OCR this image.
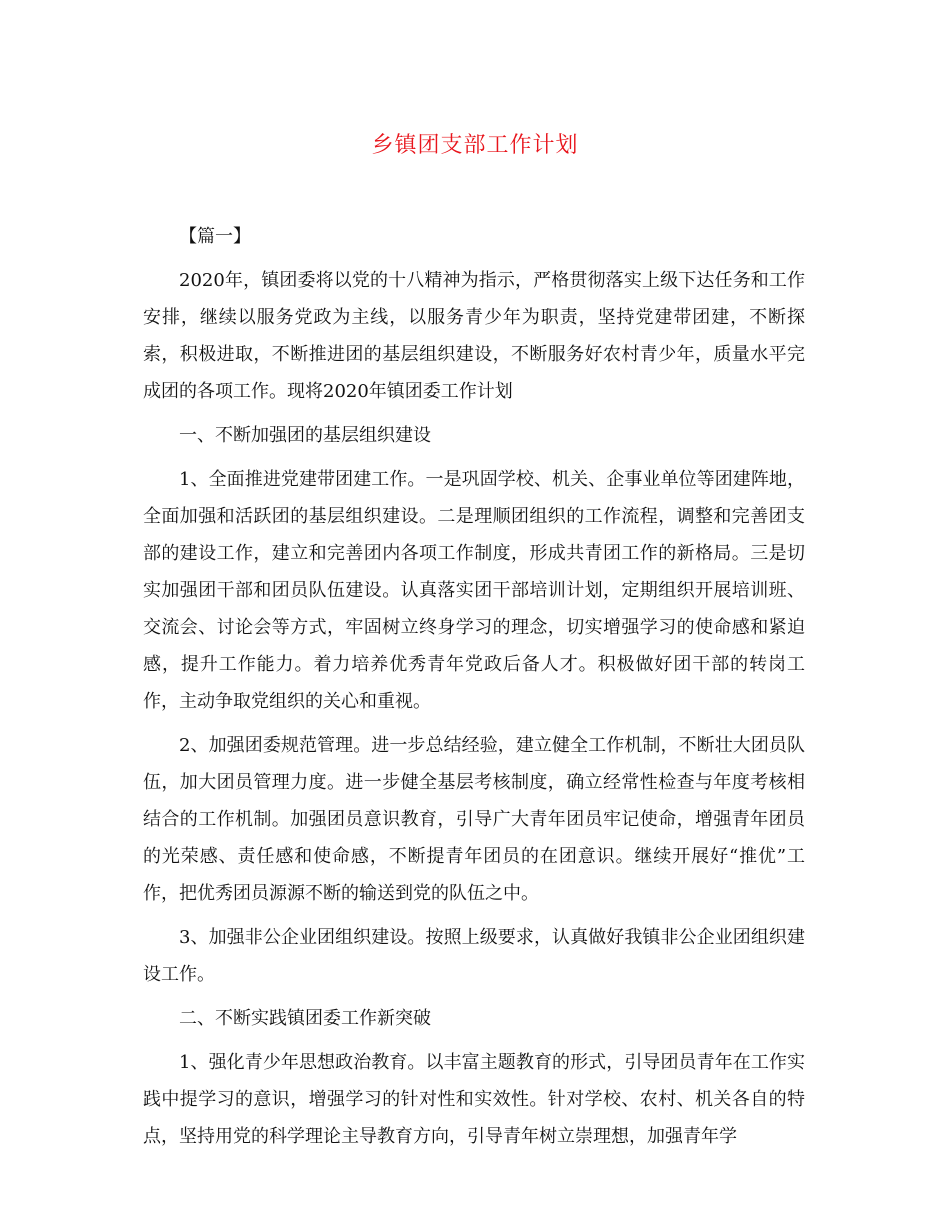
乡镇团支部工作计划

【篇一】

2020年，镇团委将以党的十八精神为指示，严格贯彻落实上级下达任务和工作安排，继续以服务党政为主线，以服务青少年为职责，坚持党建带团建，不断探索，积极进取，不断推进团的基层组织建设，不断服务好农村青少年，质量水平完成团的各项工作。现将2020年镇团委工作计划

一、不断加强团的基层组织建设

1、全面推进党建带团建工作。一是巩固学校、机关、企事业单位等团建阵地，全面加强和活跃团的基层组织建设。二是理顺团组织的工作流程，调整和完善团支部的建设工作，建立和完善团内各项工作制度，形成共青团工作的新格局。三是切实加强团干部和团员队伍建设。认真落实团干部培训计划，定期组织开展培训班、交流会、讨论会等方式，牢固树立终身学习的理念，切实增强学习的使命感和紧迫感，提升工作能力。着力培养优秀青年党政后备人才。积极做好团干部的转岗工作，主动争取党组织的关心和重视。

2、加强团委规范管理。进一步总结经验，建立健全工作机制，不断壮大团员队伍，加大团员管理力度。进一步健全基层考核制度，确立经常性检查与年度考核相结合的工作机制。加强团员意识教育，引导广大青年团员牢记使命，增强青年团员的光荣感、责任感和使命感，不断提青年团员的在团意识。继续开展好“推优”工作，把优秀团员源源不断的输送到党的队伍之中。

3、加强非公企业团组织建设。按照上级要求，认真做好我镇非公企业团组织建设工作。

二、不断实践镇团委工作新突破

1、强化青少年思想政治教育。以丰富主题教育的形式，引导团员青年在工作实践中提学习的意识，增强学习的针对性和实效性。针对学校、农村、机关各自的特点，坚持用党的科学理论主导教育方向，引导青年树立崇理想，加强青年学
